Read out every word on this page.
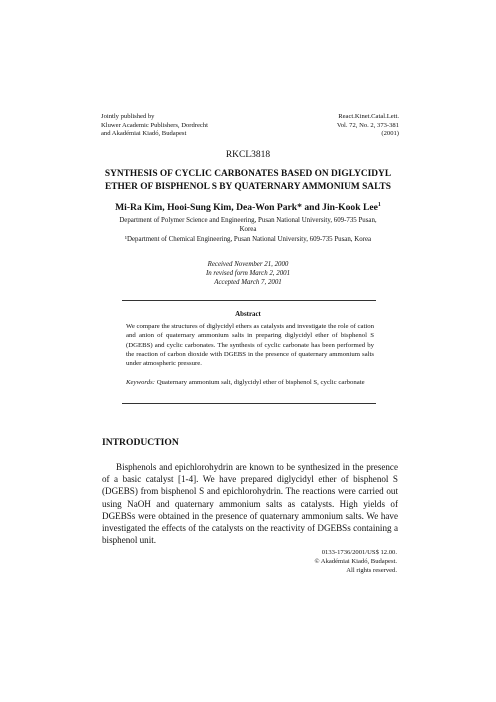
Jointly published by
Kluwer Academic Publishers, Dordrecht
and Akadémiai Kiadó, Budapest
React.Kinet.Catal.Lett.
Vol. 72, No. 2, 373-381
(2001)
RKCL3818
SYNTHESIS OF CYCLIC CARBONATES BASED ON DIGLYCIDYL
ETHER OF BISPHENOL S BY QUATERNARY AMMONIUM SALTS
Mi-Ra Kim, Hooi-Sung Kim, Dea-Won Park* and Jin-Kook Lee$^1$
Department of Polymer Science and Engineering, Pusan National University, 609-735 Pusan,
Korea
¹Department of Chemical Engineering, Pusan National University, 609-735 Pusan, Korea
Received November 21, 2000
In revised form March 2, 2001
Accepted March 7, 2001
Abstract
We compare the structures of diglycidyl ethers as catalysts and investigate the role of cation and anion of quaternary ammonium salts in preparing diglycidyl ether of bisphenol S (DGEBS) and cyclic carbonates. The synthesis of cyclic carbonate has been performed by the reaction of carbon dioxide with DGEBS in the presence of quaternary ammonium salts under atmospheric pressure.
Keywords: Quaternary ammonium salt, diglycidyl ether of bisphenol S, cyclic carbonate
INTRODUCTION
Bisphenols and epichlorohydrin are known to be synthesized in the presence of a basic catalyst [1-4]. We have prepared diglycidyl ether of bisphenol S (DGEBS) from bisphenol S and epichlorohydrin. The reactions were carried out using NaOH and quaternary ammonium salts as catalysts. High yields of DGEBSs were obtained in the presence of quaternary ammonium salts. We have investigated the effects of the catalysts on the reactivity of DGEBSs containing a bisphenol unit.
0133-1736/2001/US$ 12.00.
© Akadémiai Kiadó, Budapest.
All rights reserved.
